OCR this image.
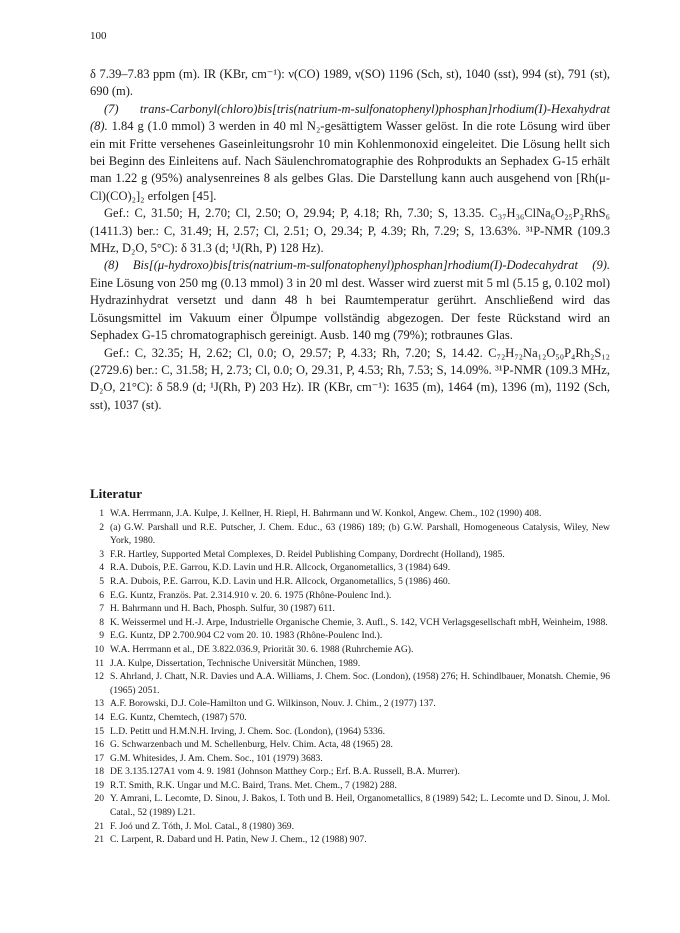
100

δ 7.39–7.83 ppm (m). IR (KBr, cm⁻¹): ν(CO) 1989, ν(SO) 1196 (Sch, st), 1040 (sst), 994 (st), 791 (st), 690 (m).

(7) trans-Carbonyl(chloro)bis[tris(natrium-m-sulfonatophenyl)phosphan]rhodium(I)-Hexahydrat (8). 1.84 g (1.0 mmol) 3 werden in 40 ml N₂-gesättigtem Wasser gelöst. In die rote Lösung wird über ein mit Fritte versehenes Gaseinleitungsrohr 10 min Kohlenmonoxid eingeleitet. Die Lösung hellt sich bei Beginn des Einleitens auf. Nach Säulenchromatographie des Rohprodukts an Sephadex G-15 erhält man 1.22 g (95%) analysenreines 8 als gelbes Glas. Die Darstellung kann auch ausgehend von [Rh(μ-Cl)(CO)₂]₂ erfolgen [45].

Gef.: C, 31.50; H, 2.70; Cl, 2.50; O, 29.94; P, 4.18; Rh, 7.30; S, 13.35. C₃₇H₃₆ClNa₆O₂₅P₂RhS₆ (1411.3) ber.: C, 31.49; H, 2.57; Cl, 2.51; O, 29.34; P, 4.39; Rh, 7.29; S, 13.63%. ³¹P-NMR (109.3 MHz, D₂O, 5°C): δ 31.3 (d; ¹J(Rh, P) 128 Hz).

(8) Bis[(μ-hydroxo)bis[tris(natrium-m-sulfonatophenyl)phosphan]rhodium(I)-Dodecahydrat (9). Eine Lösung von 250 mg (0.13 mmol) 3 in 20 ml dest. Wasser wird zuerst mit 5 ml (5.15 g, 0.102 mol) Hydrazinhydrat versetzt und dann 48 h bei Raumtemperatur gerührt. Anschließend wird das Lösungsmittel im Vakuum einer Ölpumpe vollständig abgezogen. Der feste Rückstand wird an Sephadex G-15 chromatographisch gereinigt. Ausb. 140 mg (79%); rotbraunes Glas.

Gef.: C, 32.35; H, 2.62; Cl, 0.0; O, 29.57; P, 4.33; Rh, 7.20; S, 14.42. C₇₂H₇₂Na₁₂O₅₀P₄Rh₂S₁₂ (2729.6) ber.: C, 31.58; H, 2.73; Cl, 0.0; O, 29.31, P, 4.53; Rh, 7.53; S, 14.09%. ³¹P-NMR (109.3 MHz, D₂O, 21°C): δ 58.9 (d; ¹J(Rh, P) 203 Hz). IR (KBr, cm⁻¹): 1635 (m), 1464 (m), 1396 (m), 1192 (Sch, sst), 1037 (st).

Literatur
1 W.A. Herrmann, J.A. Kulpe, J. Kellner, H. Riepl, H. Bahrmann und W. Konkol, Angew. Chem., 102 (1990) 408.
2 (a) G.W. Parshall und R.E. Putscher, J. Chem. Educ., 63 (1986) 189; (b) G.W. Parshall, Homogeneous Catalysis, Wiley, New York, 1980.
3 F.R. Hartley, Supported Metal Complexes, D. Reidel Publishing Company, Dordrecht (Holland), 1985.
4 R.A. Dubois, P.E. Garrou, K.D. Lavin und H.R. Allcock, Organometallics, 3 (1984) 649.
5 R.A. Dubois, P.E. Garrou, K.D. Lavin und H.R. Allcock, Organometallics, 5 (1986) 460.
6 E.G. Kuntz, Französ. Pat. 2.314.910 v. 20. 6. 1975 (Rhône-Poulenc Ind.).
7 H. Bahrmann und H. Bach, Phosph. Sulfur, 30 (1987) 611.
8 K. Weissermel und H.-J. Arpe, Industrielle Organische Chemie, 3. Aufl., S. 142, VCH Verlagsgesellschaft mbH, Weinheim, 1988.
9 E.G. Kuntz, DP 2.700.904 C2 vom 20. 10. 1983 (Rhône-Poulenc Ind.).
10 W.A. Herrmann et al., DE 3.822.036.9, Priorität 30. 6. 1988 (Ruhrchemie AG).
11 J.A. Kulpe, Dissertation, Technische Universität München, 1989.
12 S. Ahrland, J. Chatt, N.R. Davies und A.A. Williams, J. Chem. Soc. (London), (1958) 276; H. Schindlbauer, Monatsh. Chemie, 96 (1965) 2051.
13 A.F. Borowski, D.J. Cole-Hamilton und G. Wilkinson, Nouv. J. Chim., 2 (1977) 137.
14 E.G. Kuntz, Chemtech, (1987) 570.
15 L.D. Petitt und H.M.N.H. Irving, J. Chem. Soc. (London), (1964) 5336.
16 G. Schwarzenbach und M. Schellenburg, Helv. Chim. Acta, 48 (1965) 28.
17 G.M. Whitesides, J. Am. Chem. Soc., 101 (1979) 3683.
18 DE 3.135.127A1 vom 4. 9. 1981 (Johnson Matthey Corp.; Erf. B.A. Russell, B.A. Murrer).
19 R.T. Smith, R.K. Ungar und M.C. Baird, Trans. Met. Chem., 7 (1982) 288.
20 Y. Amrani, L. Lecomte, D. Sinou, J. Bakos, I. Toth und B. Heil, Organometallics, 8 (1989) 542; L. Lecomte und D. Sinou, J. Mol. Catal., 52 (1989) L21.
21 F. Joó und Z. Tóth, J. Mol. Catal., 8 (1980) 369.
21 C. Larpent, R. Dabard und H. Patin, New J. Chem., 12 (1988) 907.
